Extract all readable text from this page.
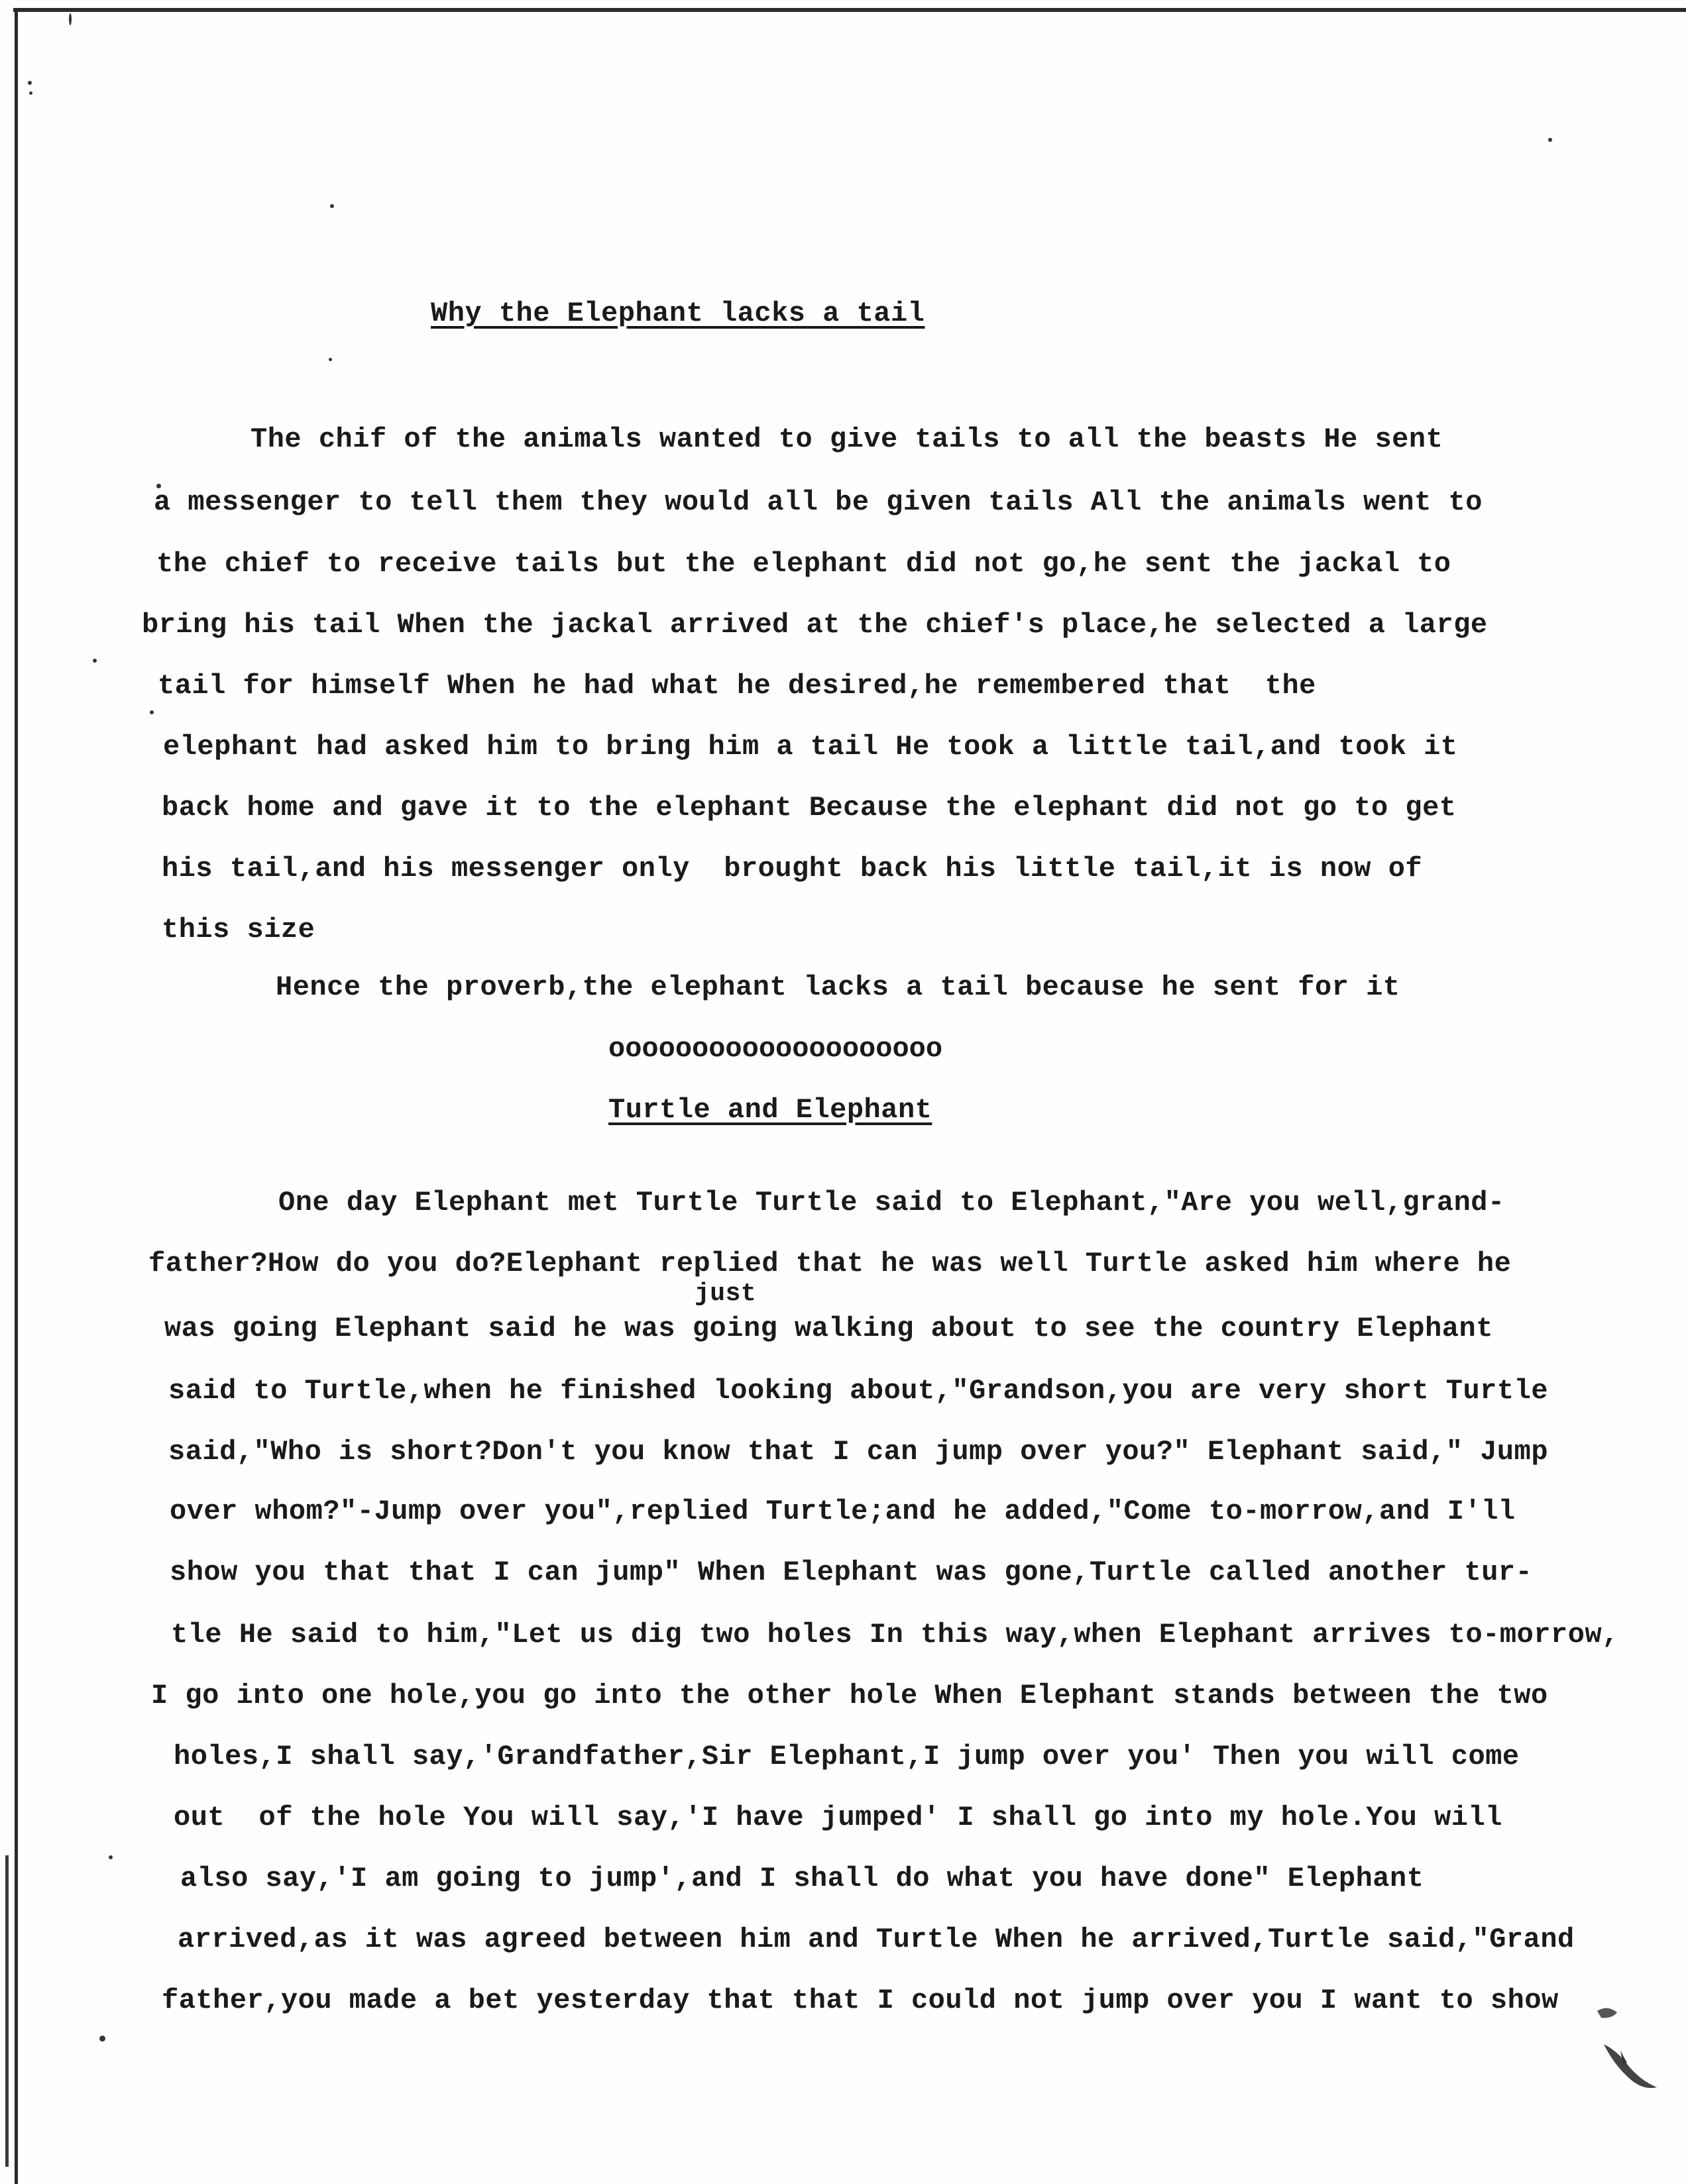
Why the Elephant lacks a tail
The chif of the animals wanted to give tails to all the beasts He sent
a messenger to tell them they would all be given tails All the animals went to
the chief to receive tails but the elephant did not go,he sent the jackal to
bring his tail When the jackal arrived at the chief's place,he selected a large
tail for himself When he had what he desired,he remembered that  the
elephant had asked him to bring him a tail He took a little tail,and took it
back home and gave it to the elephant Because the elephant did not go to get
his tail,and his messenger only  brought back his little tail,it is now of
this size
Hence the proverb,the elephant lacks a tail because he sent for it
oooooooooooooooooooo
Turtle and Elephant
just
One day Elephant met Turtle Turtle said to Elephant,"Are you well,grand-
father?How do you do?Elephant replied that he was well Turtle asked him where he
was going Elephant said he was going walking about to see the country Elephant
said to Turtle,when he finished looking about,"Grandson,you are very short Turtle
said,"Who is short?Don't you know that I can jump over you?" Elephant said," Jump
over whom?"-Jump over you",replied Turtle;and he added,"Come to-morrow,and I'll
show you that that I can jump" When Elephant was gone,Turtle called another tur-
tle He said to him,"Let us dig two holes In this way,when Elephant arrives to-morrow,
I go into one hole,you go into the other hole When Elephant stands between the two
holes,I shall say,'Grandfather,Sir Elephant,I jump over you' Then you will come
out  of the hole You will say,'I have jumped' I shall go into my hole.You will
also say,'I am going to jump',and I shall do what you have done" Elephant
arrived,as it was agreed between him and Turtle When he arrived,Turtle said,"Grand
father,you made a bet yesterday that that I could not jump over you I want to show
